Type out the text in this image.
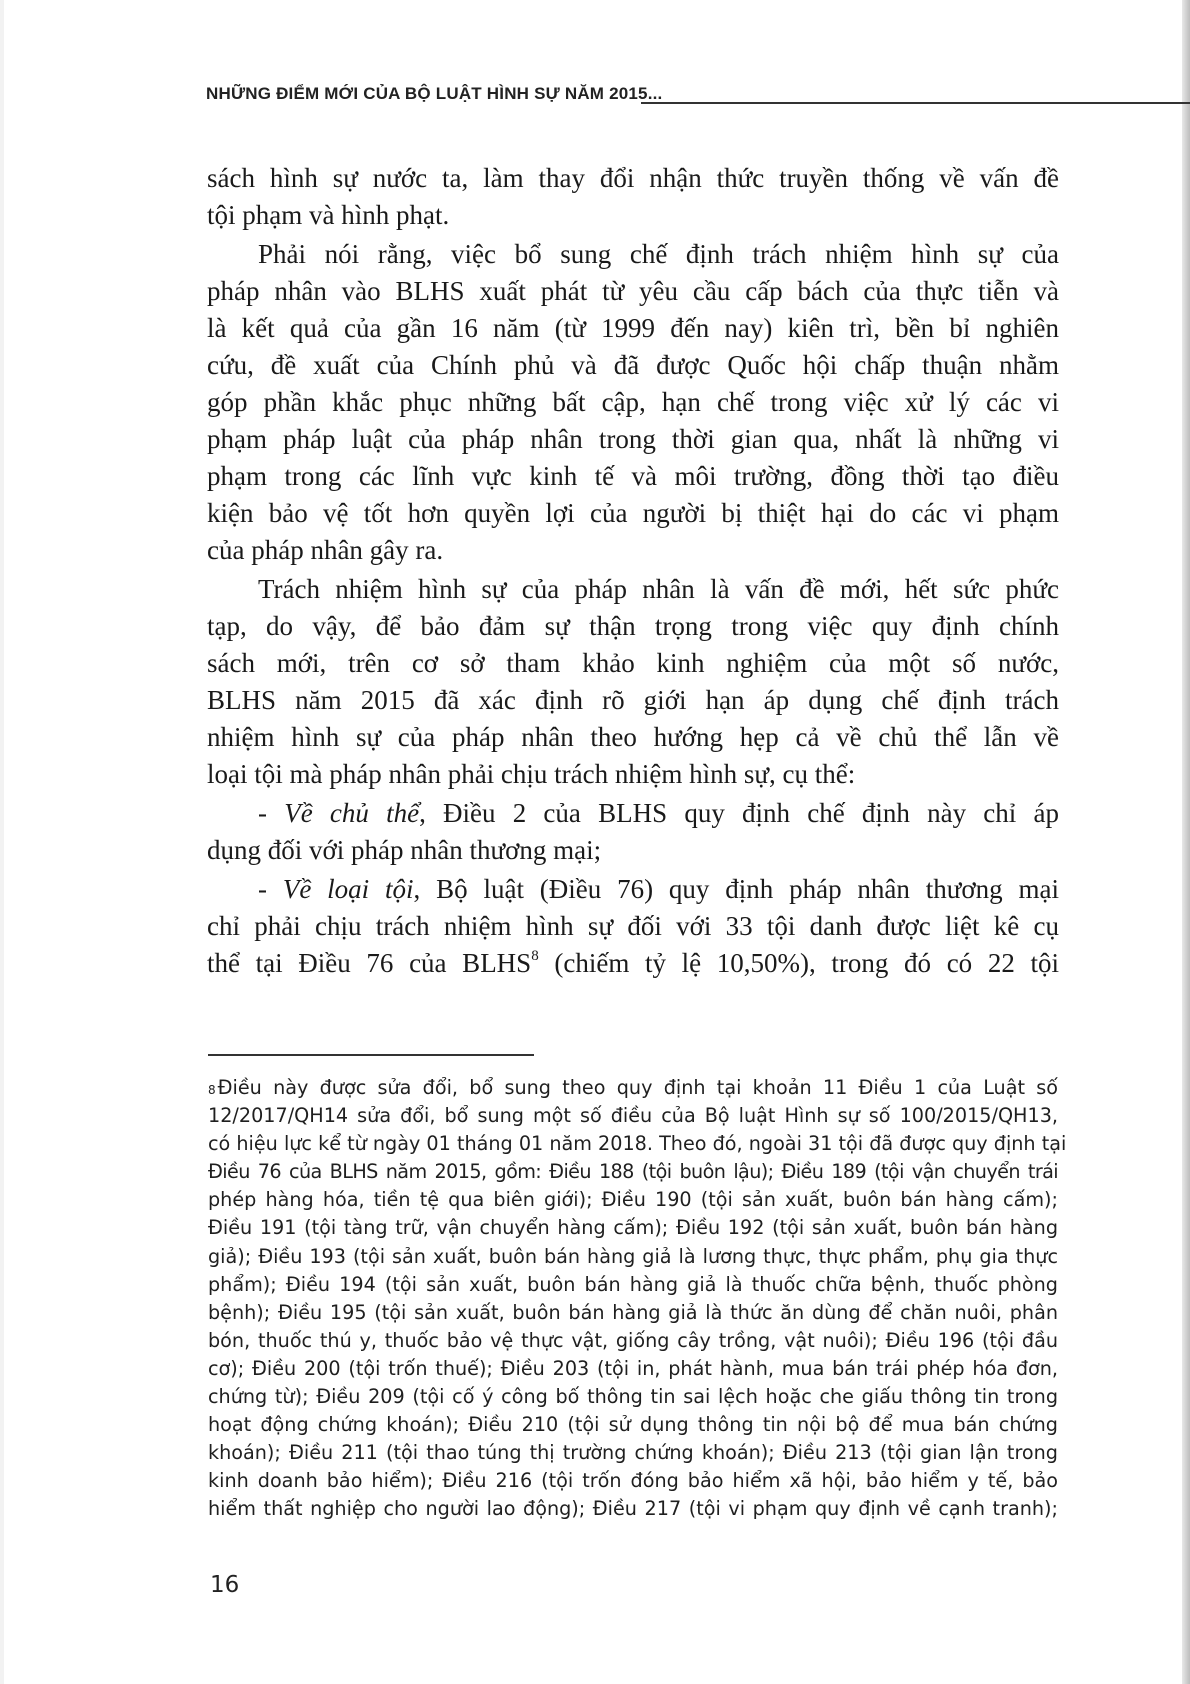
NHỮNG ĐIỂM MỚI CỦA BỘ LUẬT HÌNH SỰ NĂM 2015...
sách hình sự nước ta, làm thay đổi nhận thức truyền thống về vấn đề
tội phạm và hình phạt.
Phải nói rằng, việc bổ sung chế định trách nhiệm hình sự của
pháp nhân vào BLHS xuất phát từ yêu cầu cấp bách của thực tiễn và
là kết quả của gần 16 năm (từ 1999 đến nay) kiên trì, bền bỉ nghiên
cứu, đề xuất của Chính phủ và đã được Quốc hội chấp thuận nhằm
góp phần khắc phục những bất cập, hạn chế trong việc xử lý các vi
phạm pháp luật của pháp nhân trong thời gian qua, nhất là những vi
phạm trong các lĩnh vực kinh tế và môi trường, đồng thời tạo điều
kiện bảo vệ tốt hơn quyền lợi của người bị thiệt hại do các vi phạm
của pháp nhân gây ra.
Trách nhiệm hình sự của pháp nhân là vấn đề mới, hết sức phức
tạp, do vậy, để bảo đảm sự thận trọng trong việc quy định chính
sách mới, trên cơ sở tham khảo kinh nghiệm của một số nước,
BLHS năm 2015 đã xác định rõ giới hạn áp dụng chế định trách
nhiệm hình sự của pháp nhân theo hướng hẹp cả về chủ thể lẫn về
loại tội mà pháp nhân phải chịu trách nhiệm hình sự, cụ thể:
- Về chủ thể, Điều 2 của BLHS quy định chế định này chỉ áp
dụng đối với pháp nhân thương mại;
- Về loại tội, Bộ luật (Điều 76) quy định pháp nhân thương mại
chỉ phải chịu trách nhiệm hình sự đối với 33 tội danh được liệt kê cụ
thể tại Điều 76 của BLHS$^8$ (chiếm tỷ lệ 10,50%), trong đó có 22 tội
$^8$ Điều này được sửa đổi, bổ sung theo quy định tại khoản 11 Điều 1 của Luật số
12/2017/QH14 sửa đổi, bổ sung một số điều của Bộ luật Hình sự số 100/2015/QH13,
có hiệu lực kể từ ngày 01 tháng 01 năm 2018. Theo đó, ngoài 31 tội đã được quy định tại
Điều 76 của BLHS năm 2015, gồm: Điều 188 (tội buôn lậu); Điều 189 (tội vận chuyển trái
phép hàng hóa, tiền tệ qua biên giới); Điều 190 (tội sản xuất, buôn bán hàng cấm);
Điều 191 (tội tàng trữ, vận chuyển hàng cấm); Điều 192 (tội sản xuất, buôn bán hàng
giả); Điều 193 (tội sản xuất, buôn bán hàng giả là lương thực, thực phẩm, phụ gia thực
phẩm); Điều 194 (tội sản xuất, buôn bán hàng giả là thuốc chữa bệnh, thuốc phòng
bệnh); Điều 195 (tội sản xuất, buôn bán hàng giả là thức ăn dùng để chăn nuôi, phân
bón, thuốc thú y, thuốc bảo vệ thực vật, giống cây trồng, vật nuôi); Điều 196 (tội đầu
cơ); Điều 200 (tội trốn thuế); Điều 203 (tội in, phát hành, mua bán trái phép hóa đơn,
chứng từ); Điều 209 (tội cố ý công bố thông tin sai lệch hoặc che giấu thông tin trong
hoạt động chứng khoán); Điều 210 (tội sử dụng thông tin nội bộ để mua bán chứng
khoán); Điều 211 (tội thao túng thị trường chứng khoán); Điều 213 (tội gian lận trong
kinh doanh bảo hiểm); Điều 216 (tội trốn đóng bảo hiểm xã hội, bảo hiểm y tế, bảo
hiểm thất nghiệp cho người lao động); Điều 217 (tội vi phạm quy định về cạnh tranh);
16
